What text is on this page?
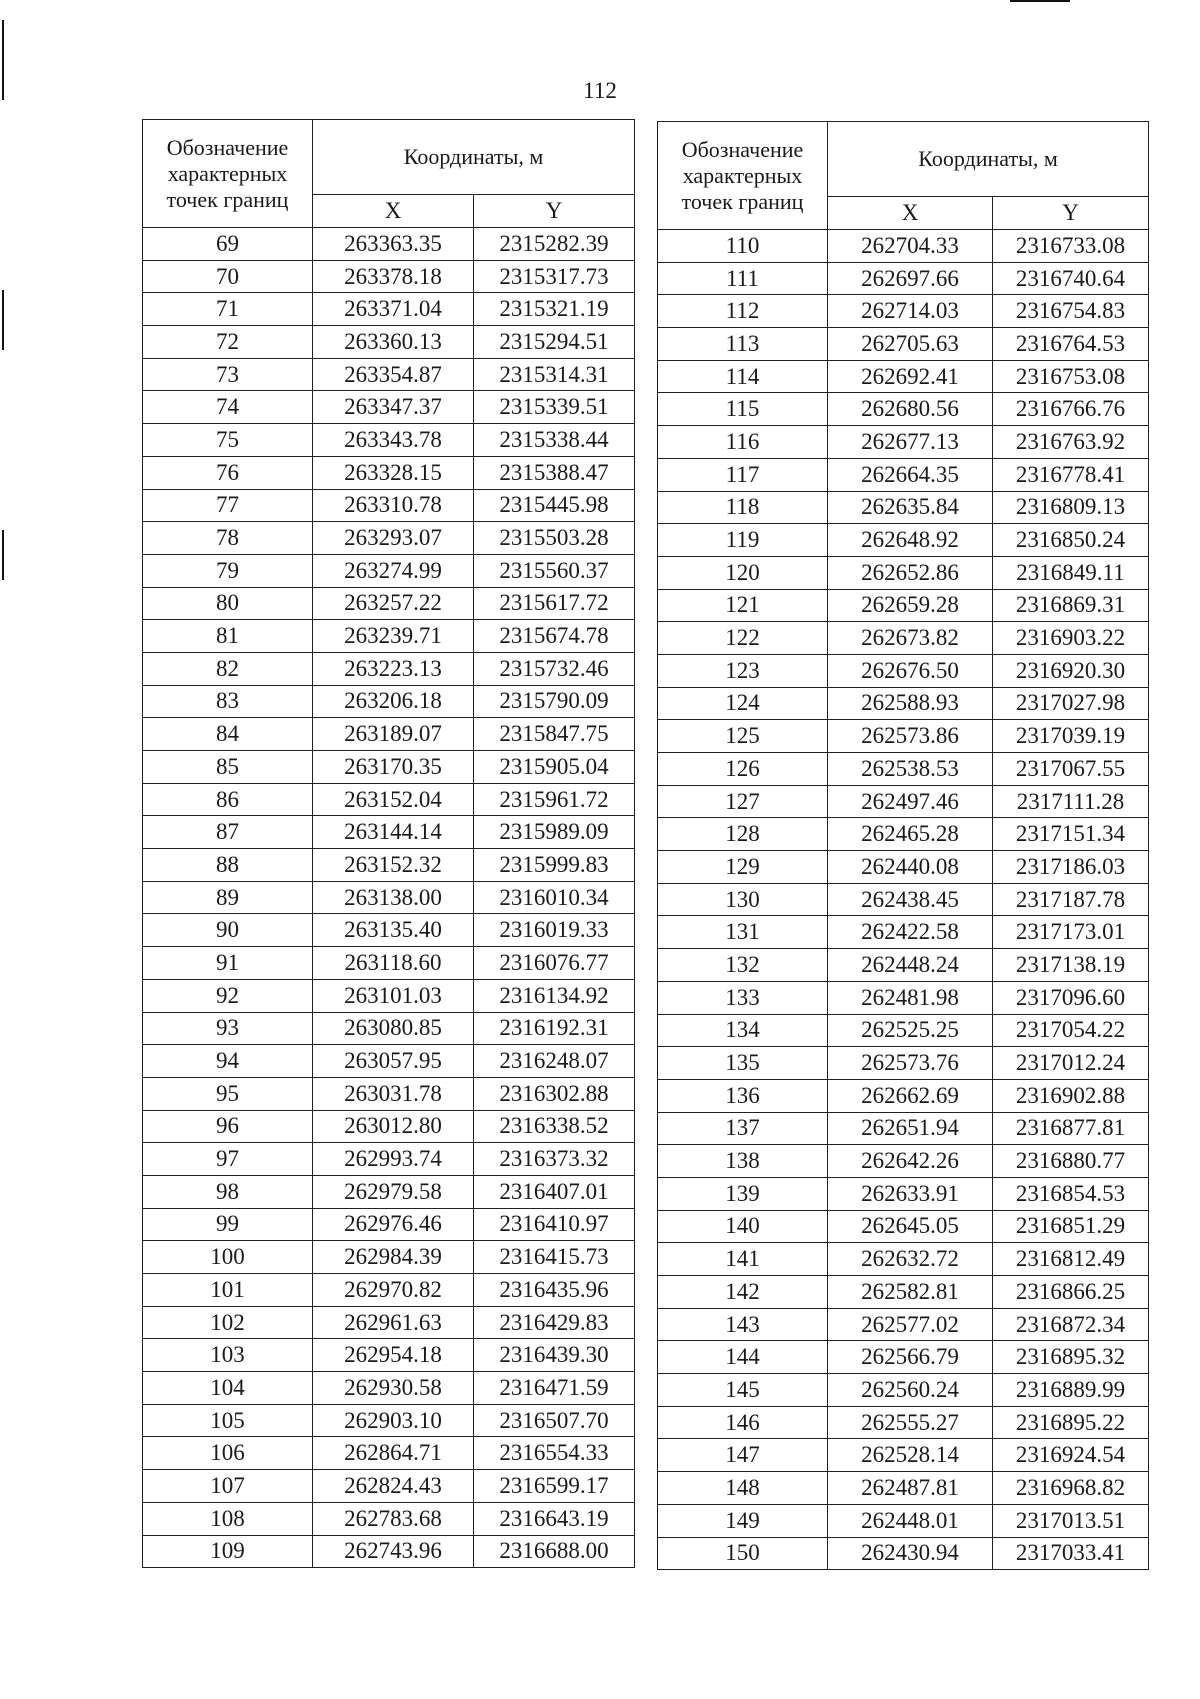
112
Обозначение характерных точек границ	Координаты, м	
	X	Y
69	263363.35	2315282.39
70	263378.18	2315317.73
71	263371.04	2315321.19
72	263360.13	2315294.51
73	263354.87	2315314.31
74	263347.37	2315339.51
75	263343.78	2315338.44
76	263328.15	2315388.47
77	263310.78	2315445.98
78	263293.07	2315503.28
79	263274.99	2315560.37
80	263257.22	2315617.72
81	263239.71	2315674.78
82	263223.13	2315732.46
83	263206.18	2315790.09
84	263189.07	2315847.75
85	263170.35	2315905.04
86	263152.04	2315961.72
87	263144.14	2315989.09
88	263152.32	2315999.83
89	263138.00	2316010.34
90	263135.40	2316019.33
91	263118.60	2316076.77
92	263101.03	2316134.92
93	263080.85	2316192.31
94	263057.95	2316248.07
95	263031.78	2316302.88
96	263012.80	2316338.52
97	262993.74	2316373.32
98	262979.58	2316407.01
99	262976.46	2316410.97
100	262984.39	2316415.73
101	262970.82	2316435.96
102	262961.63	2316429.83
103	262954.18	2316439.30
104	262930.58	2316471.59
105	262903.10	2316507.70
106	262864.71	2316554.33
107	262824.43	2316599.17
108	262783.68	2316643.19
109	262743.96	2316688.00
Обозначение характерных точек границ	Координаты, м	
	X	Y
110	262704.33	2316733.08
111	262697.66	2316740.64
112	262714.03	2316754.83
113	262705.63	2316764.53
114	262692.41	2316753.08
115	262680.56	2316766.76
116	262677.13	2316763.92
117	262664.35	2316778.41
118	262635.84	2316809.13
119	262648.92	2316850.24
120	262652.86	2316849.11
121	262659.28	2316869.31
122	262673.82	2316903.22
123	262676.50	2316920.30
124	262588.93	2317027.98
125	262573.86	2317039.19
126	262538.53	2317067.55
127	262497.46	2317111.28
128	262465.28	2317151.34
129	262440.08	2317186.03
130	262438.45	2317187.78
131	262422.58	2317173.01
132	262448.24	2317138.19
133	262481.98	2317096.60
134	262525.25	2317054.22
135	262573.76	2317012.24
136	262662.69	2316902.88
137	262651.94	2316877.81
138	262642.26	2316880.77
139	262633.91	2316854.53
140	262645.05	2316851.29
141	262632.72	2316812.49
142	262582.81	2316866.25
143	262577.02	2316872.34
144	262566.79	2316895.32
145	262560.24	2316889.99
146	262555.27	2316895.22
147	262528.14	2316924.54
148	262487.81	2316968.82
149	262448.01	2317013.51
150	262430.94	2317033.41
